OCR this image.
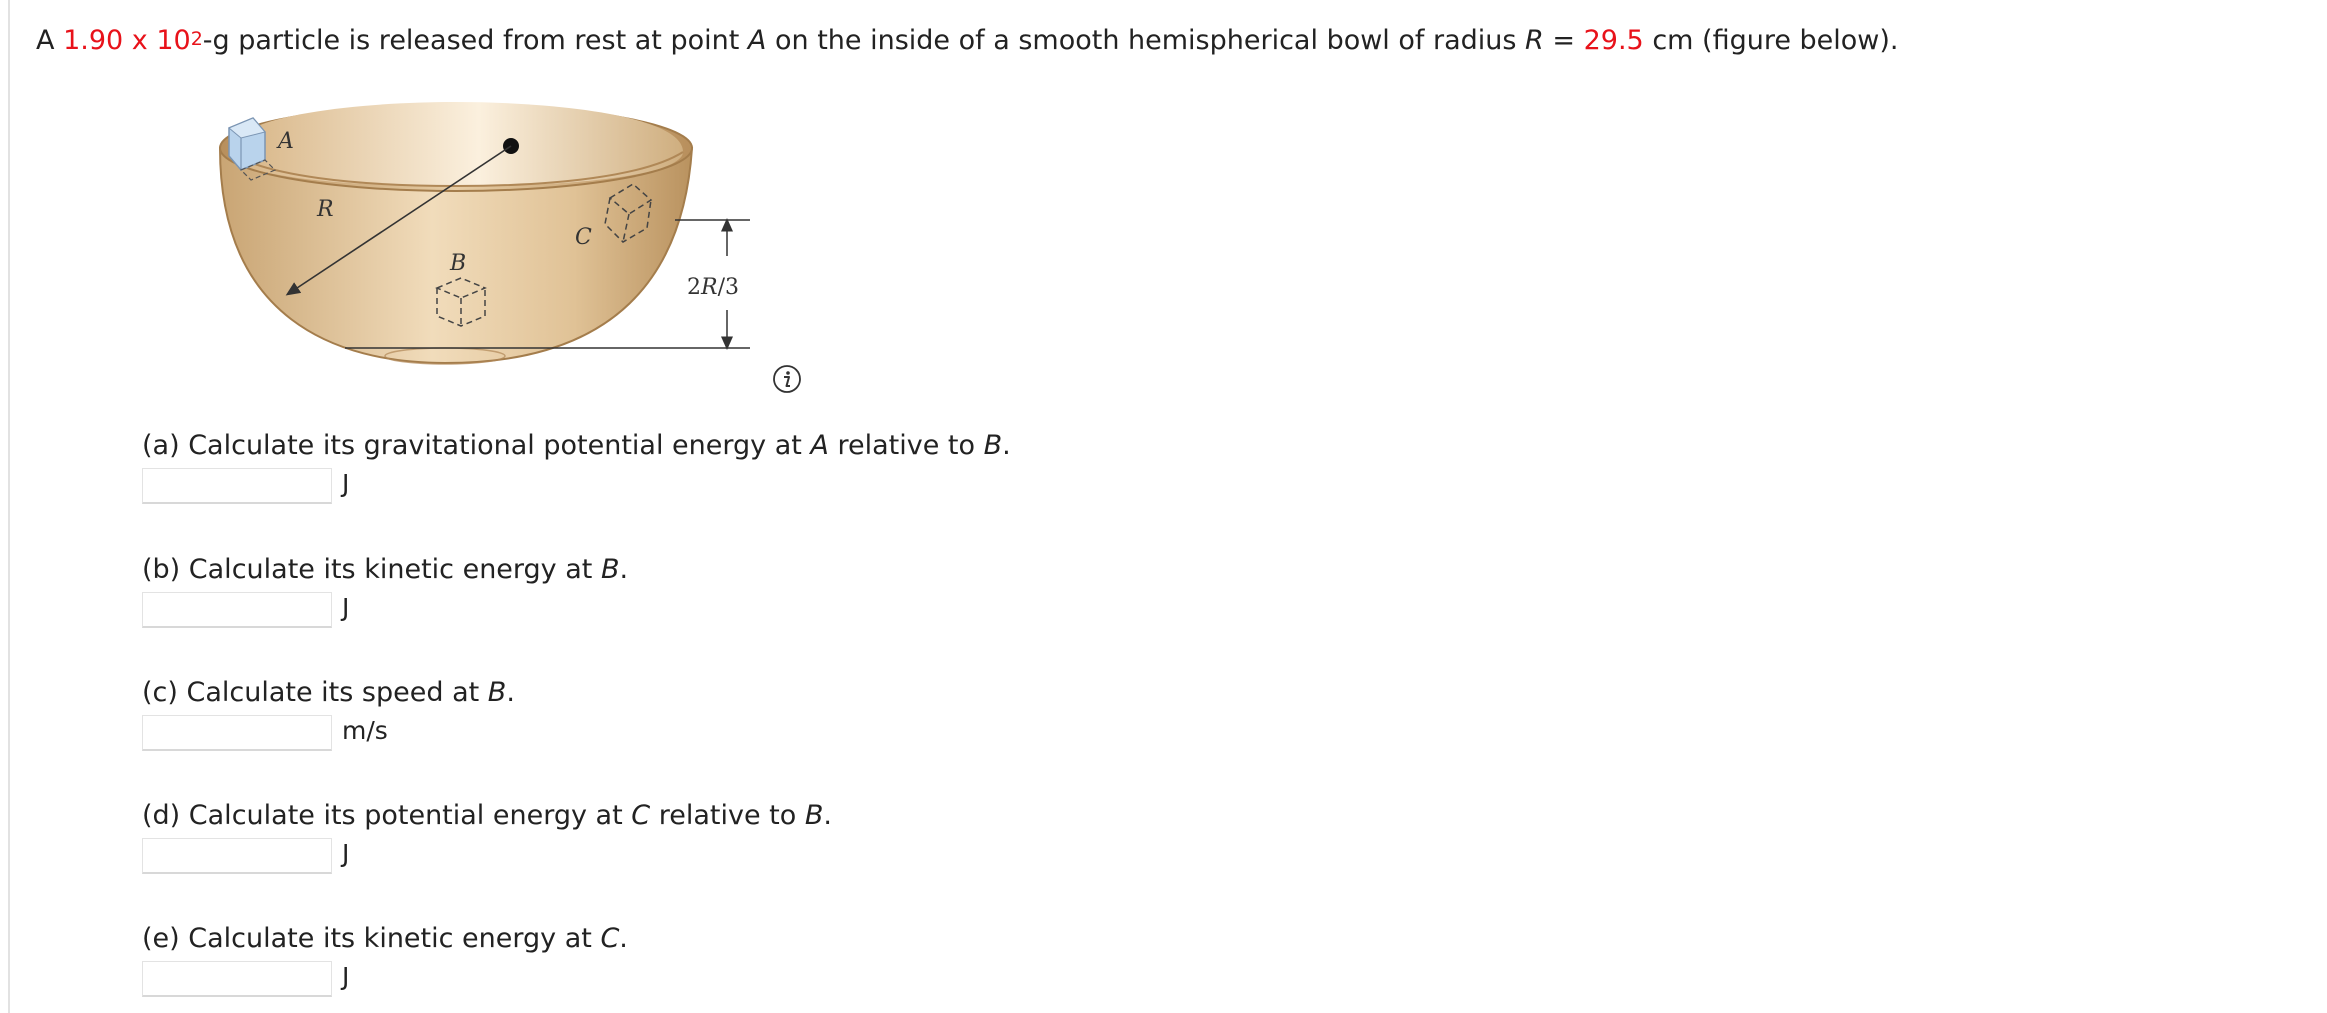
A 1.90 x $10^2-g$ particle is released from rest at point A on the inside of a smooth hemispherical bowl of radius R = 29.5 cm (figure below).
A
R
B
C
2R/3
(a) Calculate its gravitational potential energy at A relative to B.
J
(b) Calculate its kinetic energy at B.
J
(c) Calculate its speed at B.
m/s
(d) Calculate its potential energy at C relative to B.
J
(e) Calculate its kinetic energy at C.
J
